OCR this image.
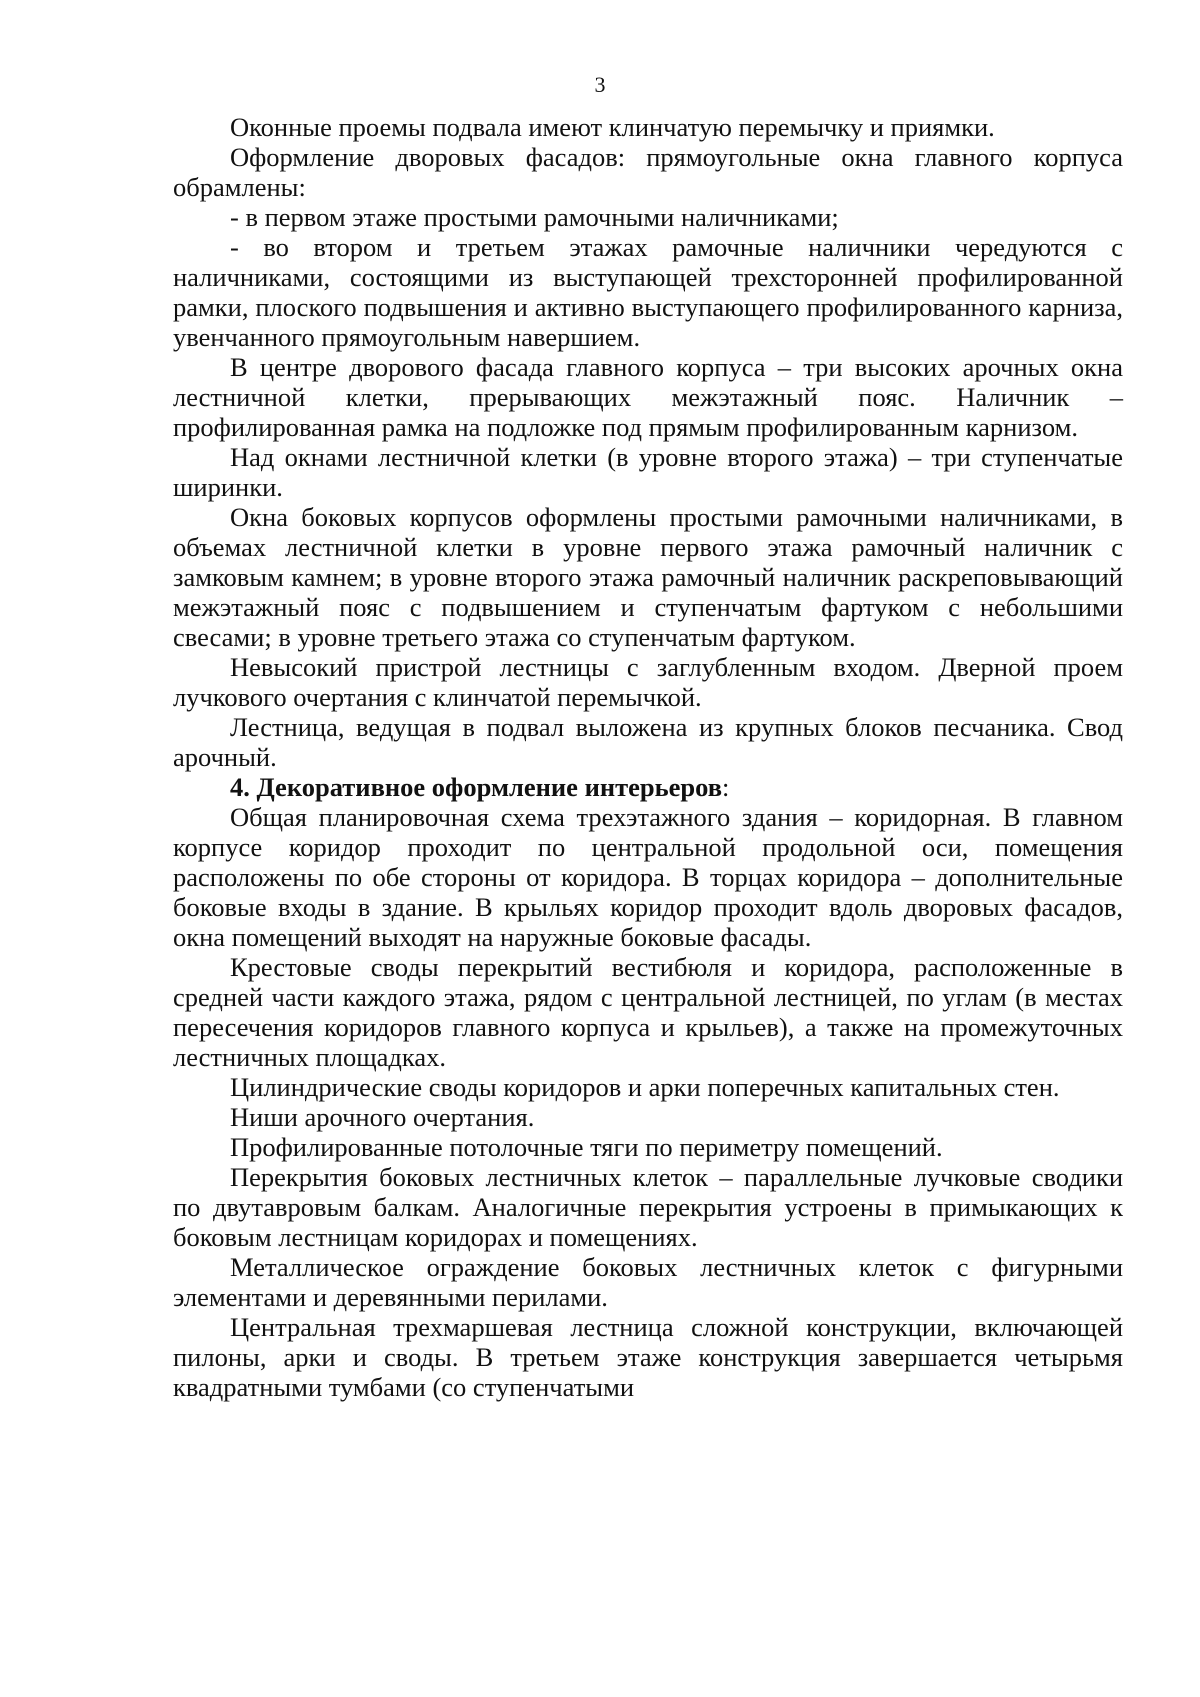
3

Оконные проемы подвала имеют клинчатую перемычку и приямки.

Оформление дворовых фасадов: прямоугольные окна главного корпуса обрамлены:

- в первом этаже простыми рамочными наличниками;

- во втором и третьем этажах рамочные наличники чередуются с наличниками, состоящими из выступающей трехсторонней профилированной рамки, плоского подвышения и активно выступающего профилированного карниза, увенчанного прямоугольным навершием.

В центре дворового фасада главного корпуса – три высоких арочных окна лестничной клетки, прерывающих межэтажный пояс. Наличник – профилированная рамка на подложке под прямым профилированным карнизом.

Над окнами лестничной клетки (в уровне второго этажа) – три ступенчатые ширинки.

Окна боковых корпусов оформлены простыми рамочными наличниками, в объемах лестничной клетки в уровне первого этажа рамочный наличник с замковым камнем; в уровне второго этажа рамочный наличник раскреповывающий межэтажный пояс с подвышением и ступенчатым фартуком с небольшими свесами; в уровне третьего этажа со ступенчатым фартуком.

Невысокий пристрой лестницы с заглубленным входом. Дверной проем лучкового очертания с клинчатой перемычкой.

Лестница, ведущая в подвал выложена из крупных блоков песчаника. Свод арочный.

4. Декоративное оформление интерьеров:

Общая планировочная схема трехэтажного здания – коридорная. В главном корпусе коридор проходит по центральной продольной оси, помещения расположены по обе стороны от коридора. В торцах коридора – дополнительные боковые входы в здание. В крыльях коридор проходит вдоль дворовых фасадов, окна помещений выходят на наружные боковые фасады.

Крестовые своды перекрытий вестибюля и коридора, расположенные в средней части каждого этажа, рядом с центральной лестницей, по углам (в местах пересечения коридоров главного корпуса и крыльев), а также на промежуточных лестничных площадках.

Цилиндрические своды коридоров и арки поперечных капитальных стен.

Ниши арочного очертания.

Профилированные потолочные тяги по периметру помещений.

Перекрытия боковых лестничных клеток – параллельные лучковые сводики по двутавровым балкам. Аналогичные перекрытия устроены в примыкающих к боковым лестницам коридорах и помещениях.

Металлическое ограждение боковых лестничных клеток с фигурными элементами и деревянными перилами.

Центральная трехмаршевая лестница сложной конструкции, включающей пилоны, арки и своды. В третьем этаже конструкция завершается четырьмя квадратными тумбами (со ступенчатыми
